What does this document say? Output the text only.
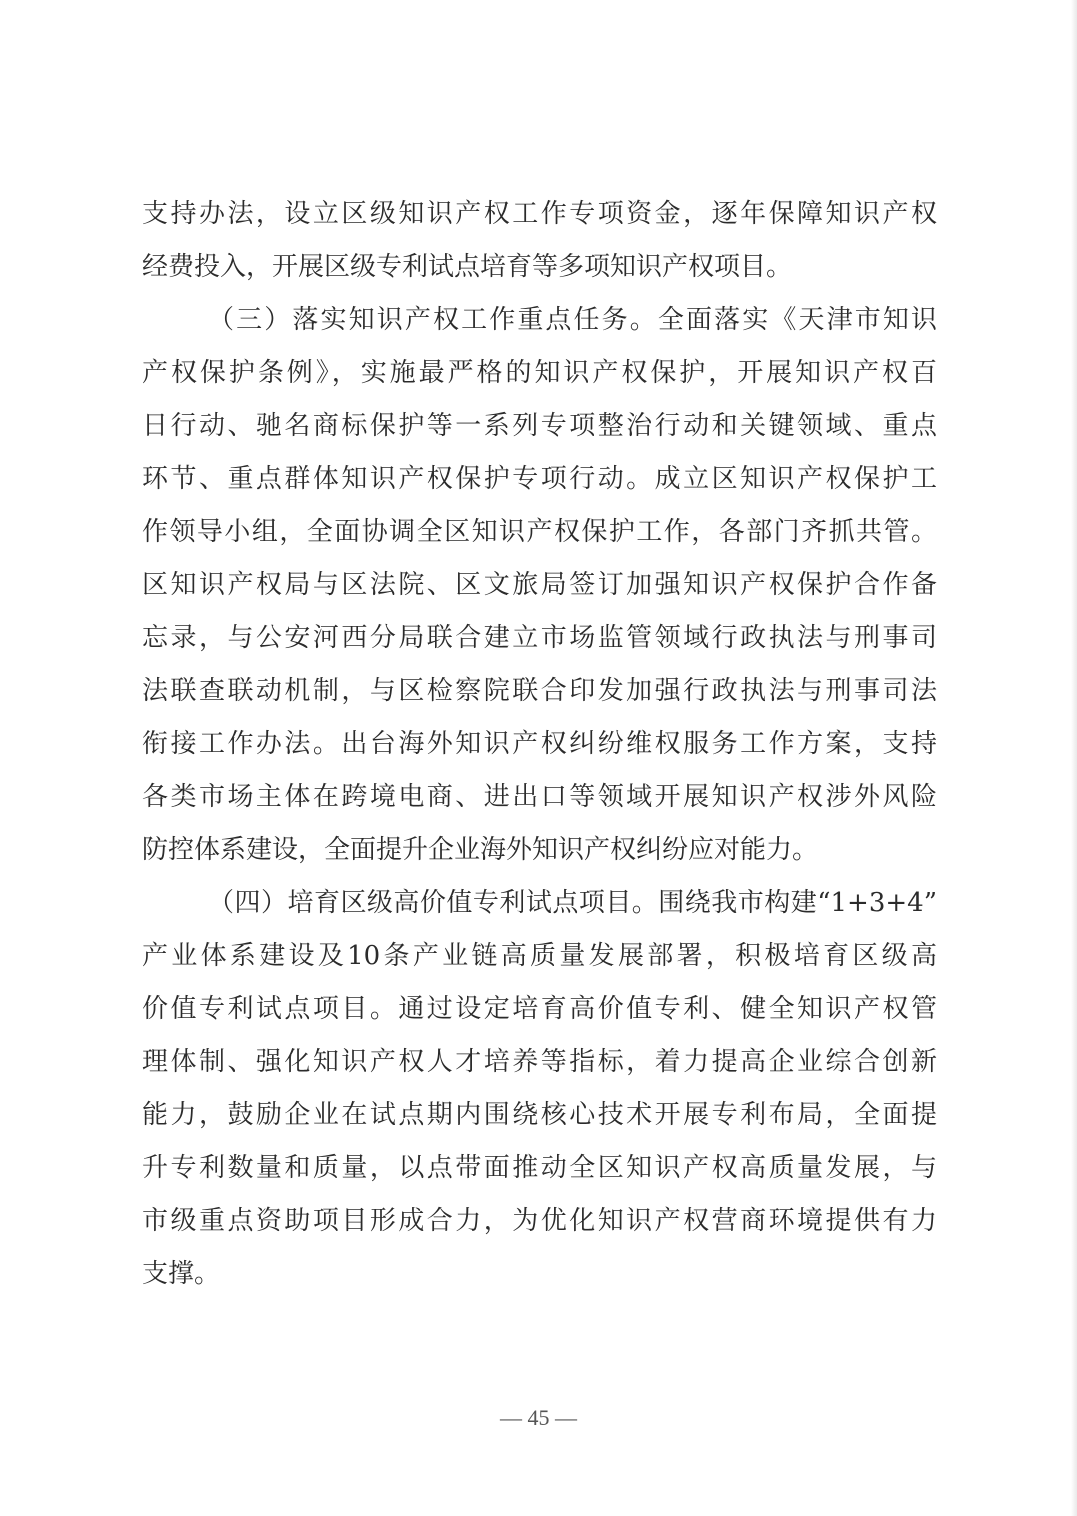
支持办法，设立区级知识产权工作专项资金，逐年保障知识产权
经费投入，开展区级专利试点培育等多项知识产权项目。
（三）落实知识产权工作重点任务。全面落实《天津市知识
产权保护条例》，实施最严格的知识产权保护，开展知识产权百
日行动、驰名商标保护等一系列专项整治行动和关键领域、重点
环节、重点群体知识产权保护专项行动。成立区知识产权保护工
作领导小组，全面协调全区知识产权保护工作，各部门齐抓共管。
区知识产权局与区法院、区文旅局签订加强知识产权保护合作备
忘录，与公安河西分局联合建立市场监管领域行政执法与刑事司
法联查联动机制，与区检察院联合印发加强行政执法与刑事司法
衔接工作办法。出台海外知识产权纠纷维权服务工作方案，支持
各类市场主体在跨境电商、进出口等领域开展知识产权涉外风险
防控体系建设，全面提升企业海外知识产权纠纷应对能力。
（四）培育区级高价值专利试点项目。围绕我市构建“1+3+4”
产业体系建设及10条产业链高质量发展部署，积极培育区级高
价值专利试点项目。通过设定培育高价值专利、健全知识产权管
理体制、强化知识产权人才培养等指标，着力提高企业综合创新
能力，鼓励企业在试点期内围绕核心技术开展专利布局，全面提
升专利数量和质量，以点带面推动全区知识产权高质量发展，与
市级重点资助项目形成合力，为优化知识产权营商环境提供有力
支撑。
— 45 —
